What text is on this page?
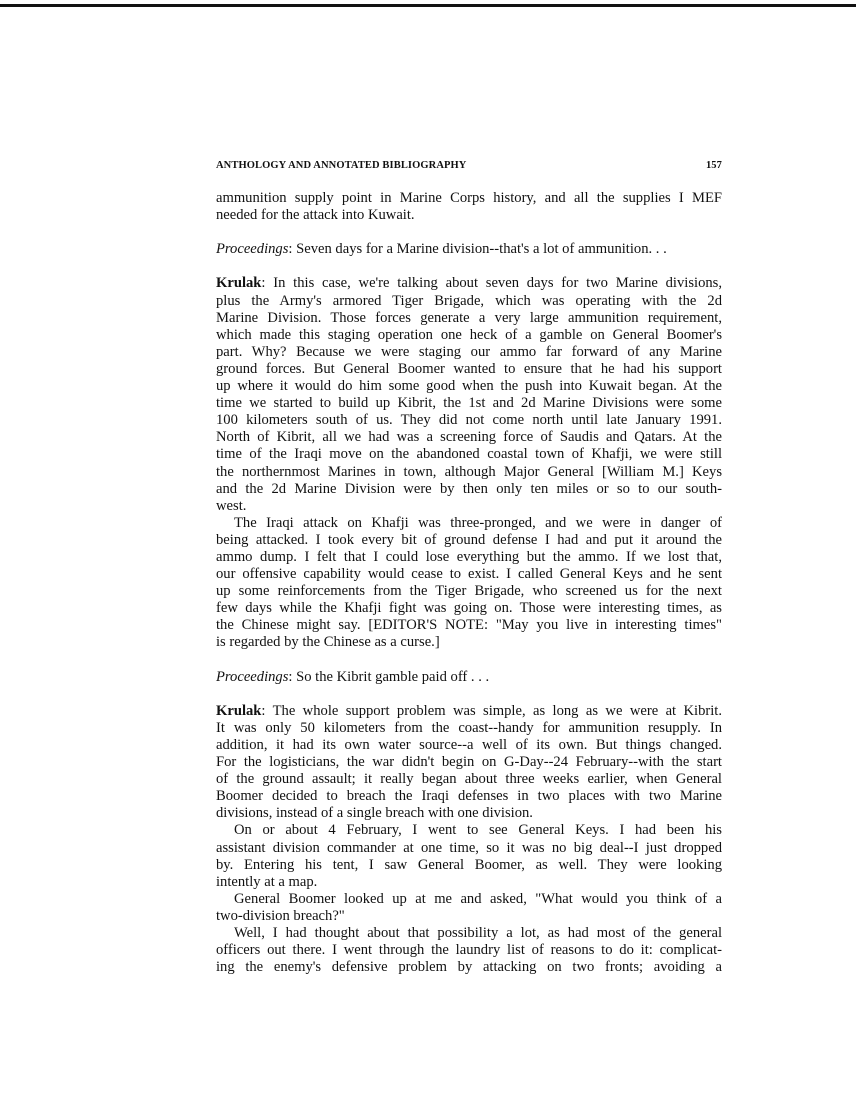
ANTHOLOGY AND ANNOTATED BIBLIOGRAPHY	157
ammunition supply point in Marine Corps history, and all the supplies I MEF
needed for the attack into Kuwait.
Proceedings: Seven days for a Marine division--that's a lot of ammunition. . .
Krulak: In this case, we're talking about seven days for two Marine divisions,
plus the Army's armored Tiger Brigade, which was operating with the 2d
Marine Division. Those forces generate a very large ammunition requirement,
which made this staging operation one heck of a gamble on General Boomer's
part. Why? Because we were staging our ammo far forward of any Marine
ground forces. But General Boomer wanted to ensure that he had his support
up where it would do him some good when the push into Kuwait began. At the
time we started to build up Kibrit, the 1st and 2d Marine Divisions were some
100 kilometers south of us. They did not come north until late January 1991.
North of Kibrit, all we had was a screening force of Saudis and Qatars. At the
time of the Iraqi move on the abandoned coastal town of Khafji, we were still
the northernmost Marines in town, although Major General [William M.] Keys
and the 2d Marine Division were by then only ten miles or so to our south-
west.
The Iraqi attack on Khafji was three-pronged, and we were in danger of
being attacked. I took every bit of ground defense I had and put it around the
ammo dump. I felt that I could lose everything but the ammo. If we lost that,
our offensive capability would cease to exist. I called General Keys and he sent
up some reinforcements from the Tiger Brigade, who screened us for the next
few days while the Khafji fight was going on. Those were interesting times, as
the Chinese might say. [EDITOR'S NOTE: "May you live in interesting times"
is regarded by the Chinese as a curse.]
Proceedings: So the Kibrit gamble paid off . . .
Krulak: The whole support problem was simple, as long as we were at Kibrit.
It was only 50 kilometers from the coast--handy for ammunition resupply. In
addition, it had its own water source--a well of its own. But things changed.
For the logisticians, the war didn't begin on G-Day--24 February--with the start
of the ground assault; it really began about three weeks earlier, when General
Boomer decided to breach the Iraqi defenses in two places with two Marine
divisions, instead of a single breach with one division.
On or about 4 February, I went to see General Keys. I had been his
assistant division commander at one time, so it was no big deal--I just dropped
by. Entering his tent, I saw General Boomer, as well. They were looking
intently at a map.
General Boomer looked up at me and asked, "What would you think of a
two-division breach?"
Well, I had thought about that possibility a lot, as had most of the general
officers out there. I went through the laundry list of reasons to do it: complicat-
ing the enemy's defensive problem by attacking on two fronts; avoiding a
